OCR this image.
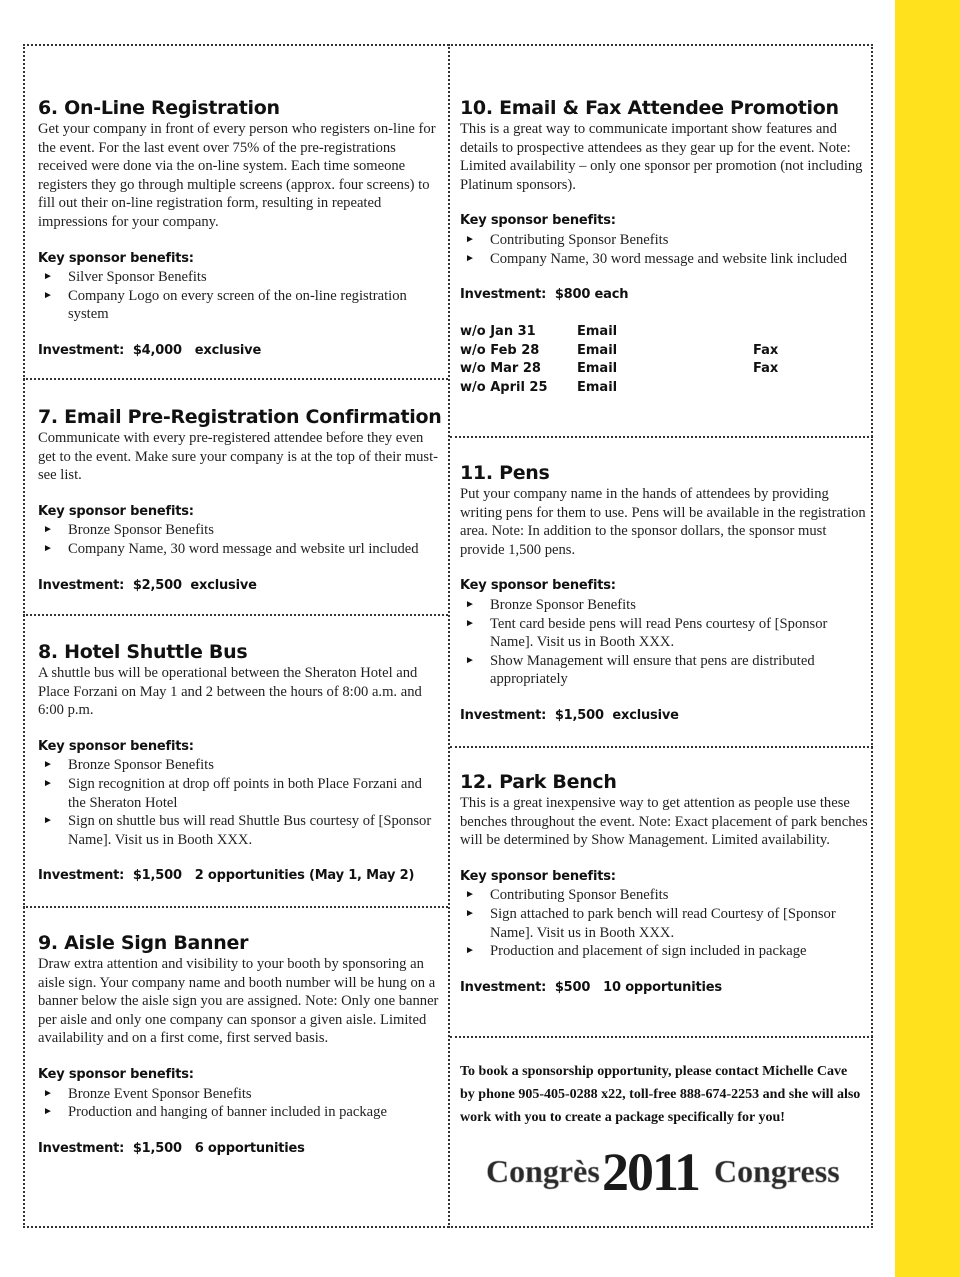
6. On-Line Registration

Get your company in front of every person who registers on-line for the event. For the last event over 75% of the pre-registrations received were done via the on-line system. Each time someone registers they go through multiple screens (approx. four screens) to fill out their on-line registration form, resulting in repeated impressions for your company.

Key sponsor benefits:
► Silver Sponsor Benefits
► Company Logo on every screen of the on-line registration system
Investment:  $4,000   exclusive
7. Email Pre-Registration Confirmation

Communicate with every pre-registered attendee before they even get to the event. Make sure your company is at the top of their must-see list.

Key sponsor benefits:
► Bronze Sponsor Benefits
► Company Name, 30 word message and website url included
Investment:  $2,500  exclusive
8. Hotel Shuttle Bus

A shuttle bus will be operational between the Sheraton Hotel and Place Forzani on May 1 and 2 between the hours of 8:00 a.m. and 6:00 p.m.

Key sponsor benefits:
► Bronze Sponsor Benefits
► Sign recognition at drop off points in both Place Forzani and the Sheraton Hotel
► Sign on shuttle bus will read Shuttle Bus courtesy of [Sponsor Name]. Visit us in Booth XXX.
Investment:  $1,500   2 opportunities (May 1, May 2)
9. Aisle Sign Banner

Draw extra attention and visibility to your booth by sponsoring an aisle sign. Your company name and booth number will be hung on a banner below the aisle sign you are assigned. Note: Only one banner per aisle and only one company can sponsor a given aisle. Limited availability and on a first come, first served basis.

Key sponsor benefits:
► Bronze Event Sponsor Benefits
► Production and hanging of banner included in package
Investment:  $1,500   6 opportunities
10. Email & Fax Attendee Promotion

This is a great way to communicate important show features and details to prospective attendees as they gear up for the event. Note: Limited availability – only one sponsor per promotion (not including Platinum sponsors).

Key sponsor benefits:
► Contributing Sponsor Benefits
► Company Name, 30 word message and website link included
Investment:  $800 each
w/o Jan 31	Email	
w/o Feb 28	Email	Fax
w/o Mar 28	Email	Fax
w/o April 25	Email	
11. Pens

Put your company name in the hands of attendees by providing writing pens for them to use. Pens will be available in the registration area. Note: In addition to the sponsor dollars, the sponsor must provide 1,500 pens.

Key sponsor benefits:
► Bronze Sponsor Benefits
► Tent card beside pens will read Pens courtesy of [Sponsor Name]. Visit us in Booth XXX.
► Show Management will ensure that pens are distributed appropriately
Investment:  $1,500  exclusive
12. Park Bench

This is a great inexpensive way to get attention as people use these benches throughout the event. Note: Exact placement of park benches will be determined by Show Management. Limited availability.

Key sponsor benefits:
► Contributing Sponsor Benefits
► Sign attached to park bench will read Courtesy of [Sponsor Name]. Visit us in Booth XXX.
► Production and placement of sign included in package
Investment:  $500   10 opportunities
To book a sponsorship opportunity, please contact Michelle Cave by phone 905-405-0288 x22, toll-free 888-674-2253 and she will also work with you to create a package specifically for you!
Congrès 2011 Congress
